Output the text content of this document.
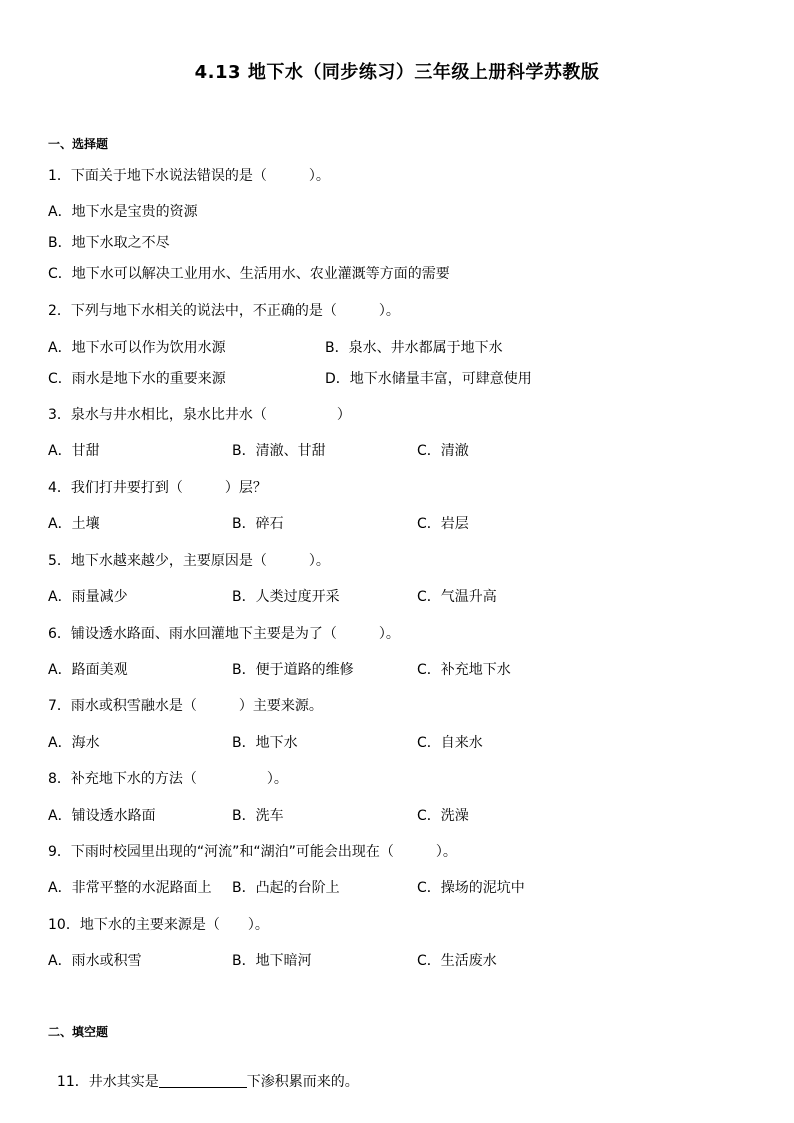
4.13 地下水（同步练习）三年级上册科学苏教版
一、选择题
1．下面关于地下水说法错误的是（　　　）。
A．地下水是宝贵的资源
B．地下水取之不尽
C．地下水可以解决工业用水、生活用水、农业灌溉等方面的需要
2．下列与地下水相关的说法中，不正确的是（　　　）。
A．地下水可以作为饮用水源	B．泉水、井水都属于地下水
C．雨水是地下水的重要来源	D．地下水储量丰富，可肆意使用
3．泉水与井水相比，泉水比井水（　　　　　）
A．甘甜	B．清澈、甘甜	C．清澈
4．我们打井要打到（　　　）层？
A．土壤	B．碎石	C．岩层
5．地下水越来越少，主要原因是（　　　）。
A．雨量减少	B．人类过度开采	C．气温升高
6．铺设透水路面、雨水回灌地下主要是为了（　　　）。
A．路面美观	B．便于道路的维修	C．补充地下水
7．雨水或积雪融水是（　　　）主要来源。
A．海水	B．地下水	C．自来水
8．补充地下水的方法（　　　　　）。
A．铺设透水路面	B．洗车	C．洗澡
9．下雨时校园里出现的“河流”和“湖泊”可能会出现在（　　　）。
A．非常平整的水泥路面上 B．凸起的台阶上	C．操场的泥坑中
10．地下水的主要来源是（　　）。
A．雨水或积雪	B．地下暗河	C．生活废水
二、填空题

11．井水其实是	下渗积累而来的。
